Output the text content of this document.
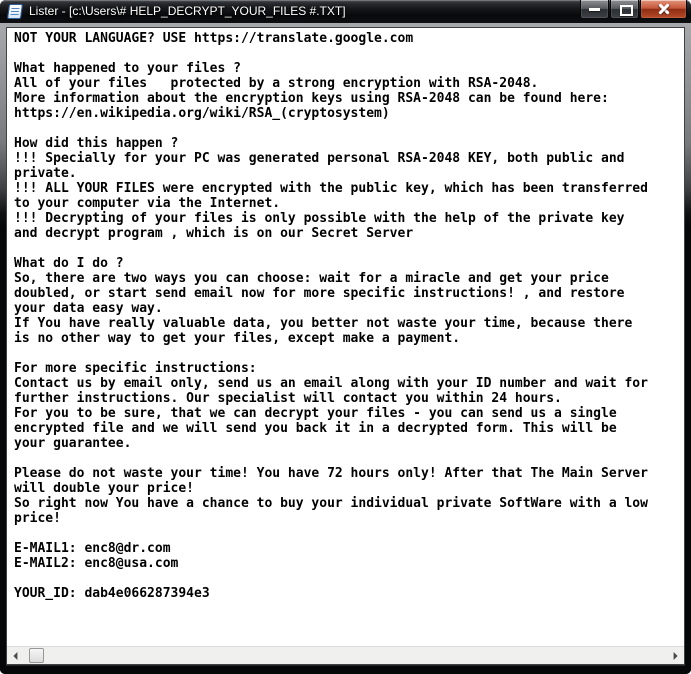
Lister - [c:\Users\# HELP_DECRYPT_YOUR_FILES #.TXT]
NOT YOUR LANGUAGE? USE https://translate.google.com
What happened to your files ?
All of your files   protected by a strong encryption with RSA-2048.
More information about the encryption keys using RSA-2048 can be found here:
https://en.wikipedia.org/wiki/RSA_(cryptosystem)
How did this happen ?
!!! Specially for your PC was generated personal RSA-2048 KEY, both public and
private.
!!! ALL YOUR FILES were encrypted with the public key, which has been transferred
to your computer via the Internet.
!!! Decrypting of your files is only possible with the help of the private key
and decrypt program , which is on our Secret Server
What do I do ?
So, there are two ways you can choose: wait for a miracle and get your price
doubled, or start send email now for more specific instructions! , and restore
your data easy way.
If You have really valuable data, you better not waste your time, because there
is no other way to get your files, except make a payment.
For more specific instructions:
Contact us by email only, send us an email along with your ID number and wait for
further instructions. Our specialist will contact you within 24 hours.
For you to be sure, that we can decrypt your files - you can send us a single
encrypted file and we will send you back it in a decrypted form. This will be
your guarantee.
Please do not waste your time! You have 72 hours only! After that The Main Server
will double your price!
So right now You have a chance to buy your individual private SoftWare with a low
price!
E-MAIL1: enc8@dr.com
E-MAIL2: enc8@usa.com
YOUR_ID: dab4e066287394e3
